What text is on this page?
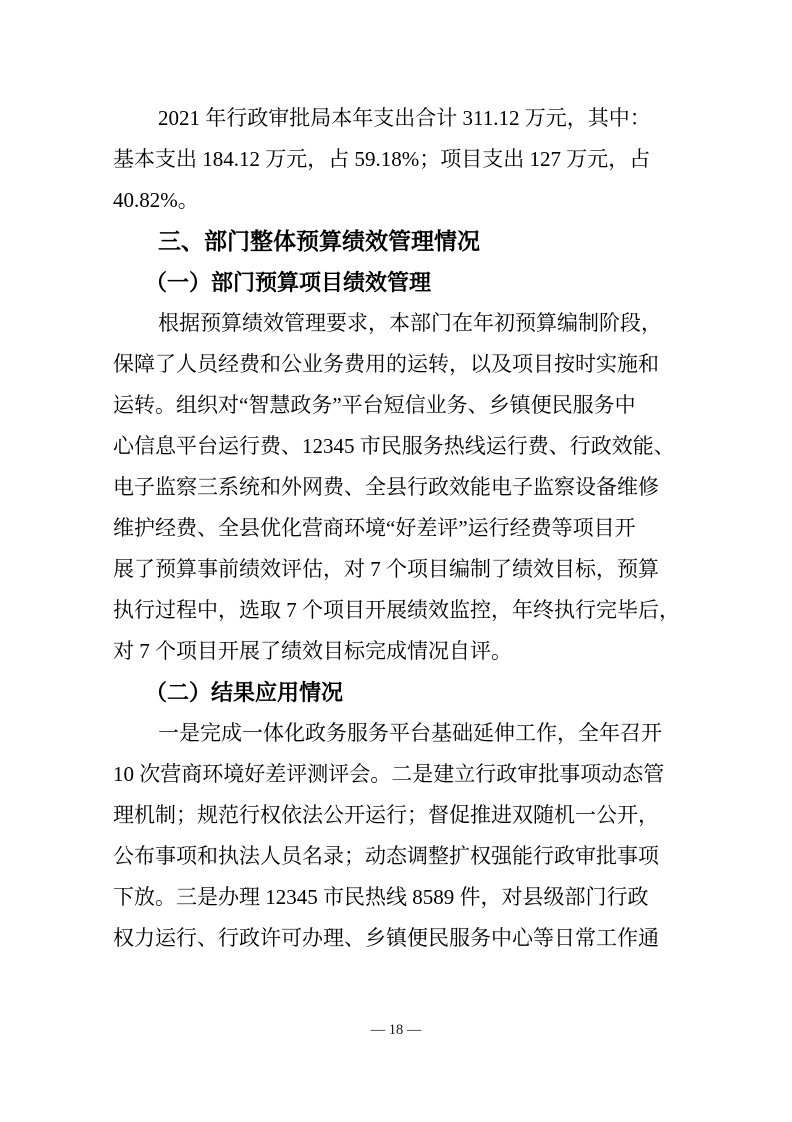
2021 年行政审批局本年支出合计 311.12 万元，其中：
基本支出 184.12 万元，占 59.18%；项目支出 127 万元，占
40.82%。
三、部门整体预算绩效管理情况
（一）部门预算项目绩效管理
根据预算绩效管理要求，本部门在年初预算编制阶段，
保障了人员经费和公业务费用的运转，以及项目按时实施和
运转。组织对“智慧政务”平台短信业务、乡镇便民服务中
心信息平台运行费、12345 市民服务热线运行费、行政效能、
电子监察三系统和外网费、全县行政效能电子监察设备维修
维护经费、全县优化营商环境“好差评”运行经费等项目开
展了预算事前绩效评估，对 7 个项目编制了绩效目标，预算
执行过程中，选取 7 个项目开展绩效监控，年终执行完毕后，
对 7 个项目开展了绩效目标完成情况自评。
（二）结果应用情况
一是完成一体化政务服务平台基础延伸工作，全年召开
10 次营商环境好差评测评会。二是建立行政审批事项动态管
理机制；规范行权依法公开运行；督促推进双随机一公开，
公布事项和执法人员名录；动态调整扩权强能行政审批事项
下放。三是办理 12345 市民热线 8589 件，对县级部门行政
权力运行、行政许可办理、乡镇便民服务中心等日常工作通
— 18 —
